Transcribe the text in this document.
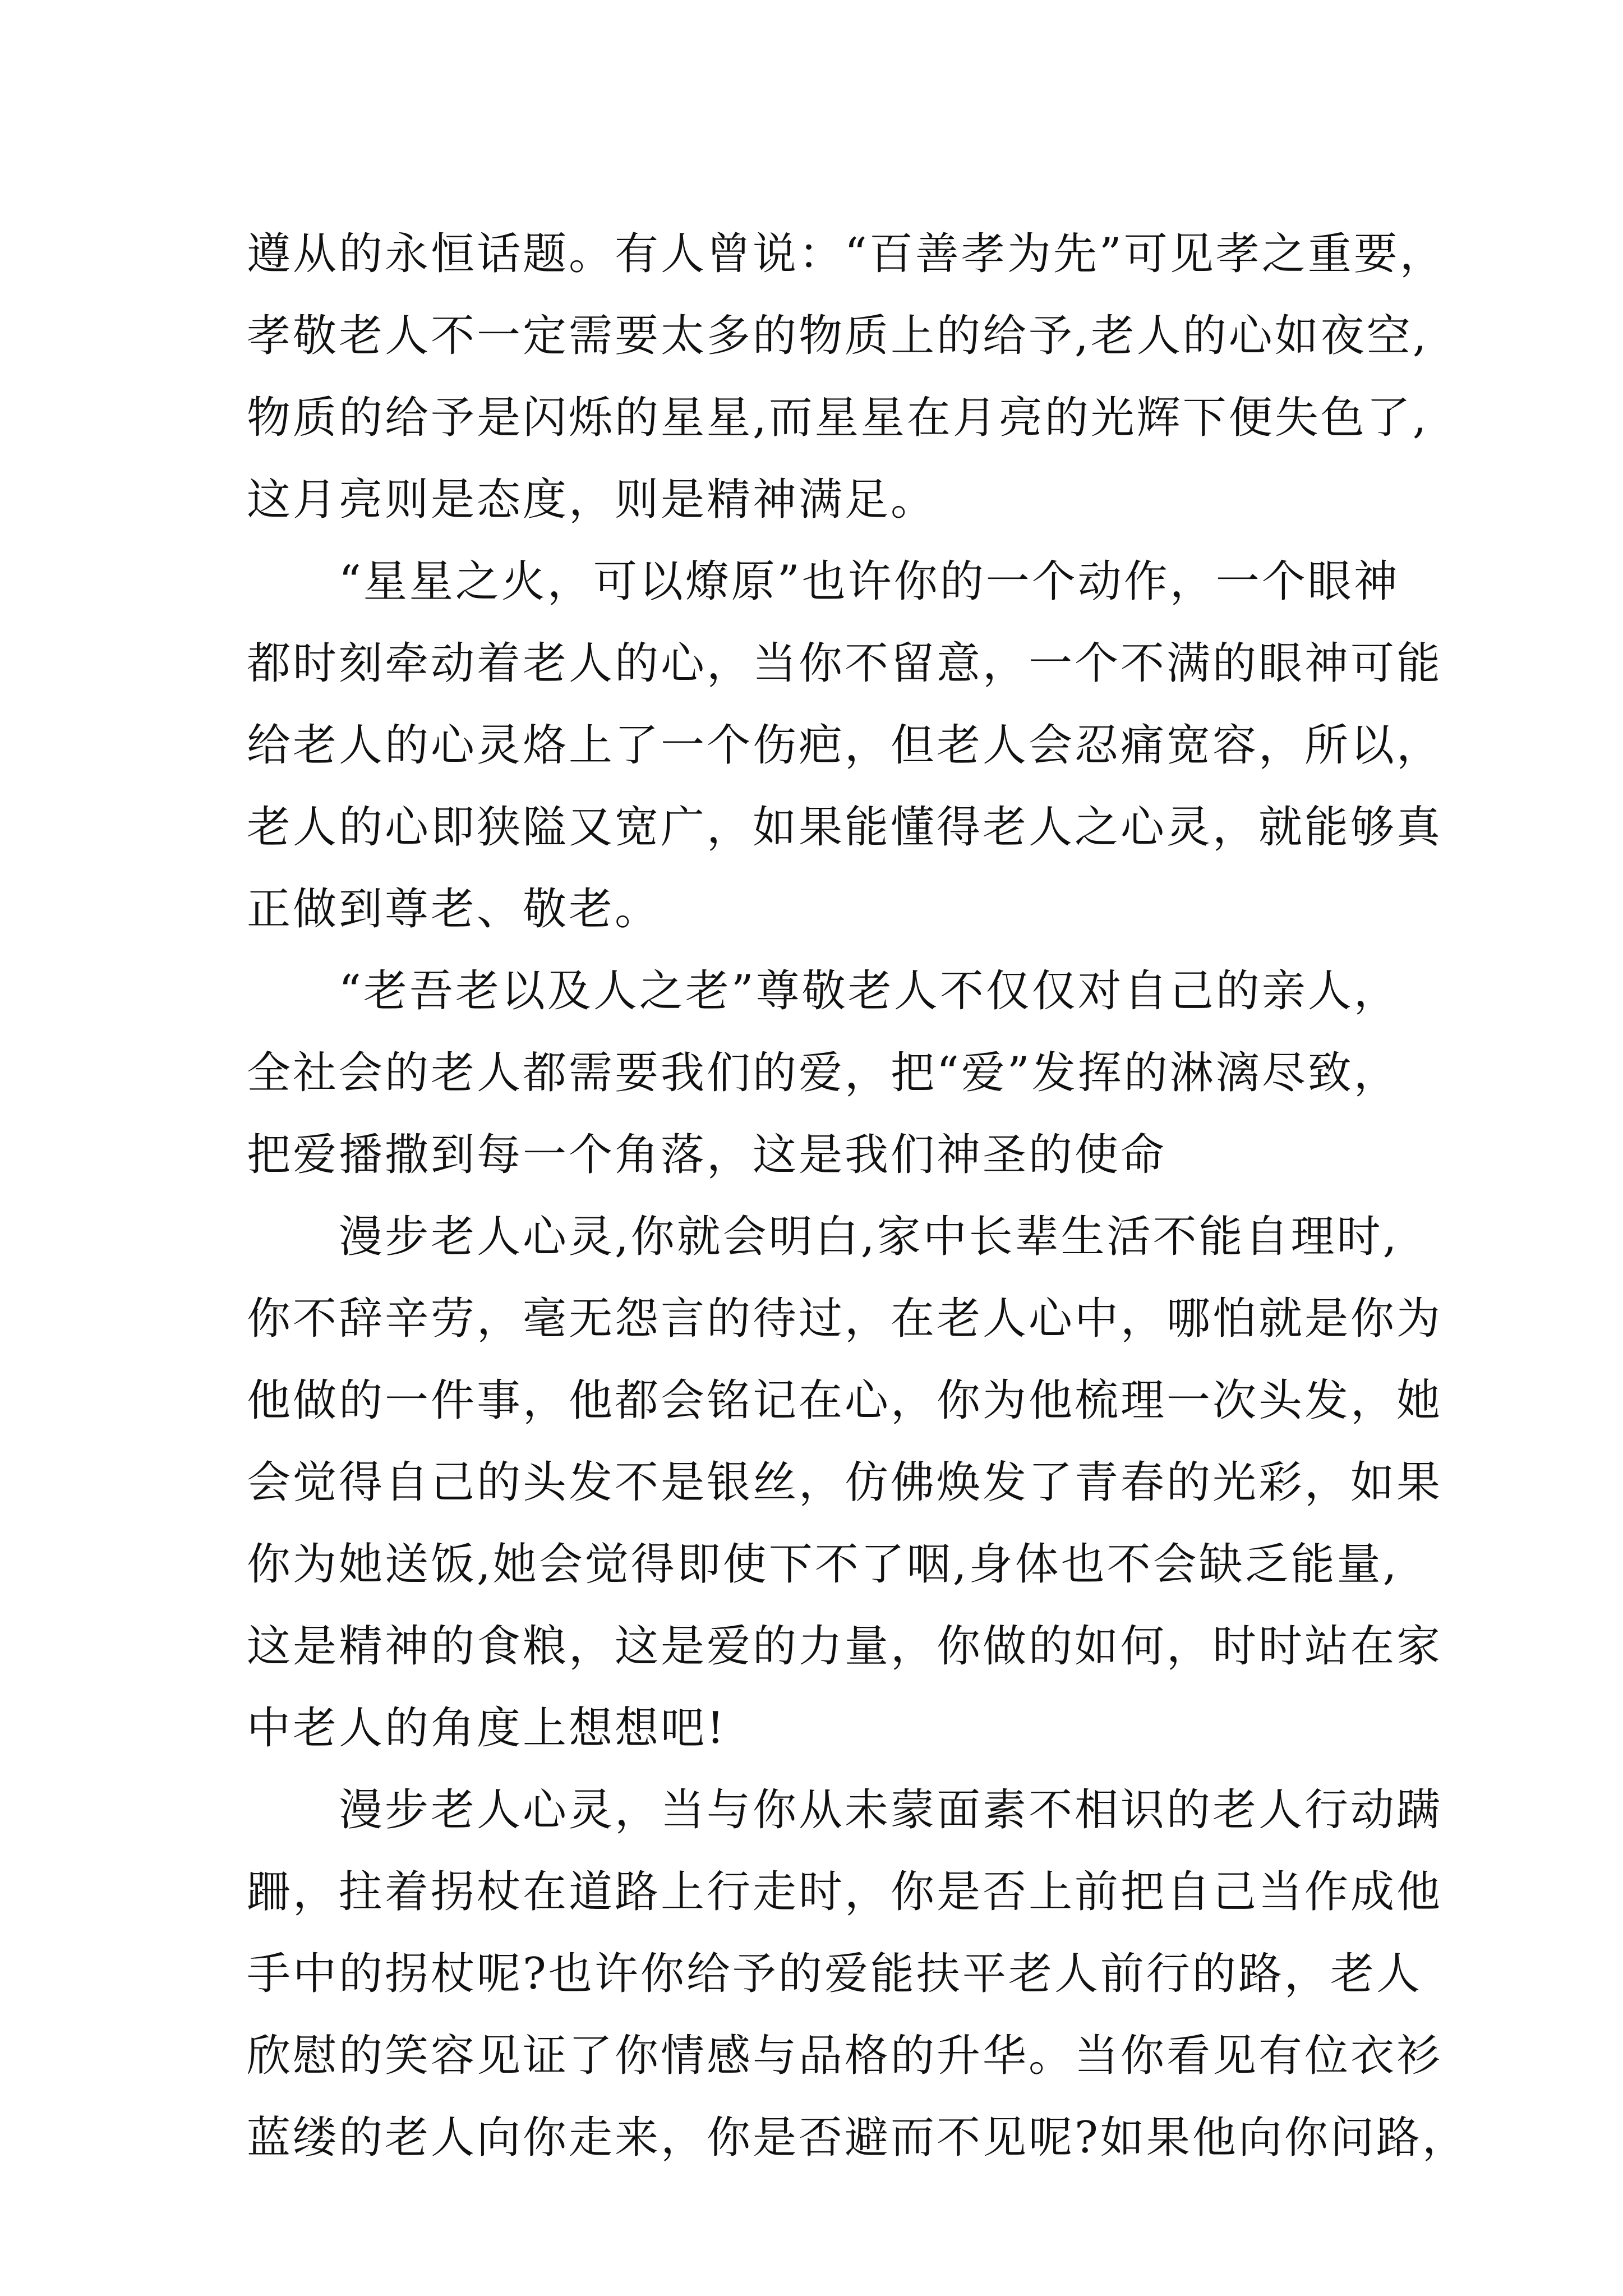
遵从的永恒话题。有人曾说：“百善孝为先”可见孝之重要，
孝敬老人不一定需要太多的物质上的给予,老人的心如夜空,
物质的给予是闪烁的星星,而星星在月亮的光辉下便失色了,
这月亮则是态度，则是精神满足。
　　“星星之火，可以燎原”也许你的一个动作，一个眼神
都时刻牵动着老人的心，当你不留意，一个不满的眼神可能
给老人的心灵烙上了一个伤疤，但老人会忍痛宽容，所以，
老人的心即狭隘又宽广，如果能懂得老人之心灵，就能够真
正做到尊老、敬老。
　　“老吾老以及人之老”尊敬老人不仅仅对自己的亲人，
全社会的老人都需要我们的爱，把“爱”发挥的淋漓尽致，
把爱播撒到每一个角落，这是我们神圣的使命
　　漫步老人心灵,你就会明白,家中长辈生活不能自理时,
你不辞辛劳，毫无怨言的待过，在老人心中，哪怕就是你为
他做的一件事，他都会铭记在心，你为他梳理一次头发，她
会觉得自己的头发不是银丝，仿佛焕发了青春的光彩，如果
你为她送饭,她会觉得即使下不了咽,身体也不会缺乏能量,
这是精神的食粮，这是爱的力量，你做的如何，时时站在家
中老人的角度上想想吧!
　　漫步老人心灵，当与你从未蒙面素不相识的老人行动蹒
跚，拄着拐杖在道路上行走时，你是否上前把自己当作成他
手中的拐杖呢?也许你给予的爱能扶平老人前行的路，老人
欣慰的笑容见证了你情感与品格的升华。当你看见有位衣衫
蓝缕的老人向你走来，你是否避而不见呢?如果他向你问路，
